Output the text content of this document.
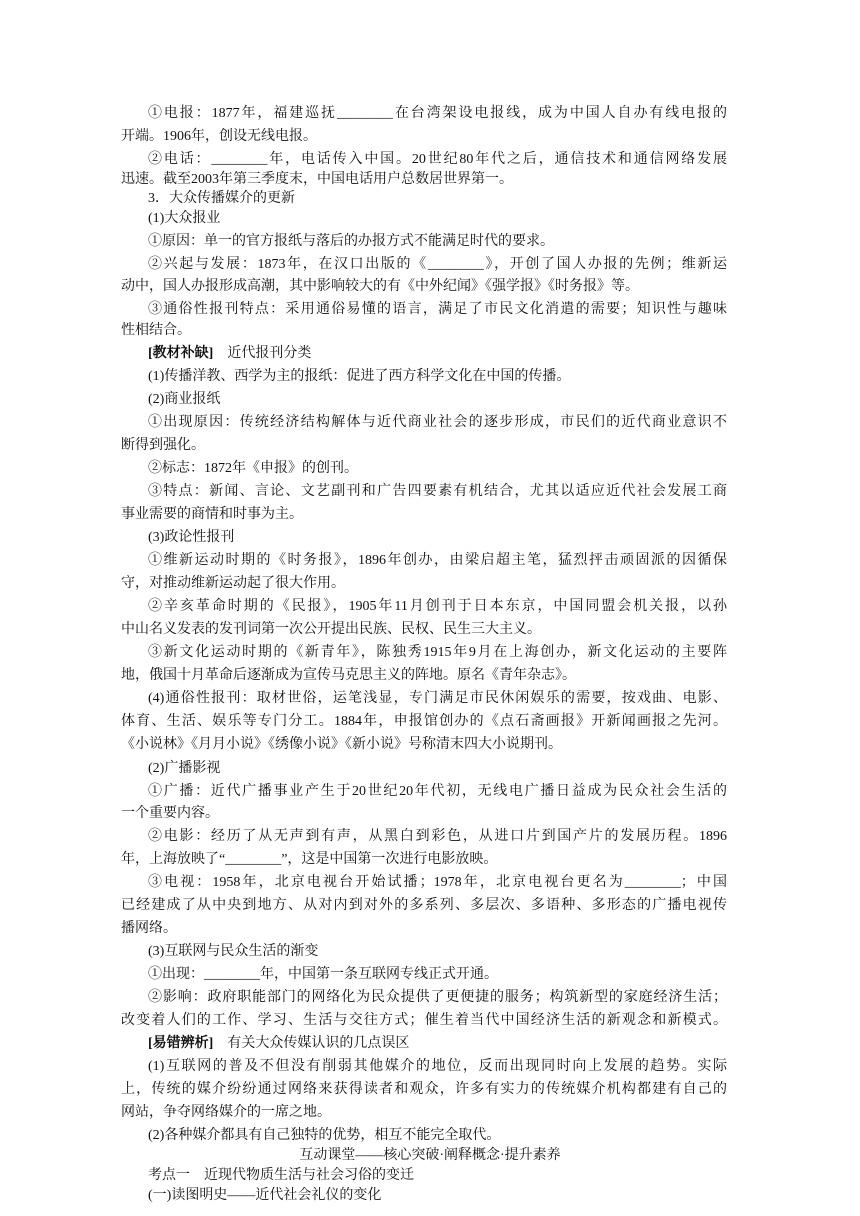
①电报：1877年，福建巡抚________在台湾架设电报线，成为中国人自办有线电报的
开端。1906年，创设无线电报。
②电话：________年，电话传入中国。20世纪80年代之后，通信技术和通信网络发展
迅速。截至2003年第三季度末，中国电话用户总数居世界第一。
3．大众传播媒介的更新
(1)大众报业
①原因：单一的官方报纸与落后的办报方式不能满足时代的要求。
②兴起与发展：1873年，在汉口出版的《________》，开创了国人办报的先例；维新运
动中，国人办报形成高潮，其中影响较大的有《中外纪闻》《强学报》《时务报》等。
③通俗性报刊特点：采用通俗易懂的语言，满足了市民文化消遣的需要；知识性与趣味
性相结合。
[教材补缺]　近代报刊分类
(1)传播洋教、西学为主的报纸：促进了西方科学文化在中国的传播。
(2)商业报纸
①出现原因：传统经济结构解体与近代商业社会的逐步形成，市民们的近代商业意识不
断得到强化。
②标志：1872年《申报》的创刊。
③特点：新闻、言论、文艺副刊和广告四要素有机结合，尤其以适应近代社会发展工商
事业需要的商情和时事为主。
(3)政论性报刊
①维新运动时期的《时务报》，1896年创办，由梁启超主笔，猛烈抨击顽固派的因循保
守，对推动维新运动起了很大作用。
②辛亥革命时期的《民报》，1905年11月创刊于日本东京，中国同盟会机关报，以孙
中山名义发表的发刊词第一次公开提出民族、民权、民生三大主义。
③新文化运动时期的《新青年》，陈独秀1915年9月在上海创办，新文化运动的主要阵
地，俄国十月革命后逐渐成为宣传马克思主义的阵地。原名《青年杂志》。
(4)通俗性报刊：取材世俗，运笔浅显，专门满足市民休闲娱乐的需要，按戏曲、电影、
体育、生活、娱乐等专门分工。1884年，申报馆创办的《点石斋画报》开新闻画报之先河。
《小说林》《月月小说》《绣像小说》《新小说》号称清末四大小说期刊。
(2)广播影视
①广播：近代广播事业产生于20世纪20年代初，无线电广播日益成为民众社会生活的
一个重要内容。
②电影：经历了从无声到有声，从黑白到彩色，从进口片到国产片的发展历程。1896
年，上海放映了“________”，这是中国第一次进行电影放映。
③电视：1958年，北京电视台开始试播；1978年，北京电视台更名为________；中国
已经建成了从中央到地方、从对内到对外的多系列、多层次、多语种、多形态的广播电视传
播网络。
(3)互联网与民众生活的渐变
①出现：________年，中国第一条互联网专线正式开通。
②影响：政府职能部门的网络化为民众提供了更便捷的服务；构筑新型的家庭经济生活；
改变着人们的工作、学习、生活与交往方式；催生着当代中国经济生活的新观念和新模式。
[易错辨析]　有关大众传媒认识的几点误区
(1)互联网的普及不但没有削弱其他媒介的地位，反而出现同时向上发展的趋势。实际
上，传统的媒介纷纷通过网络来获得读者和观众，许多有实力的传统媒介机构都建有自己的
网站，争夺网络媒介的一席之地。
(2)各种媒介都具有自己独特的优势，相互不能完全取代。
互动课堂——核心突破·阐释概念·提升素养
考点一　近现代物质生活与社会习俗的变迁
(一)读图明史——近代社会礼仪的变化
